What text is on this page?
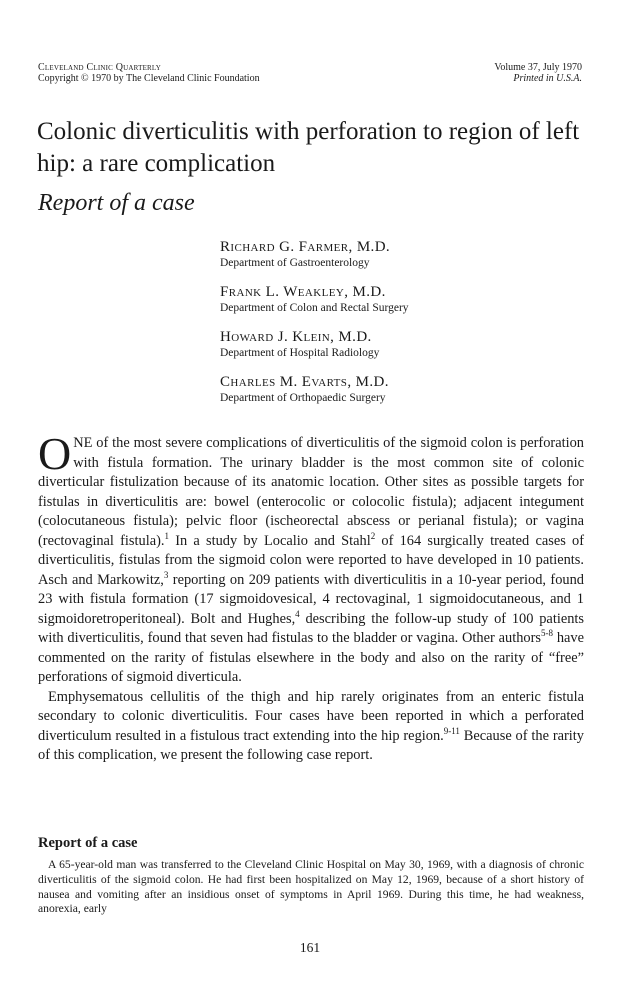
Cleveland Clinic Quarterly
Copyright © 1970 by The Cleveland Clinic Foundation
Volume 37, July 1970
Printed in U.S.A.
Colonic diverticulitis with perforation to region of left hip: a rare complication
Report of a case
Richard G. Farmer, M.D.
Department of Gastroenterology
Frank L. Weakley, M.D.
Department of Colon and Rectal Surgery
Howard J. Klein, M.D.
Department of Hospital Radiology
Charles M. Evarts, M.D.
Department of Orthopaedic Surgery

ONE of the most severe complications of diverticulitis of the sigmoid colon is perforation with fistula formation. The urinary bladder is the most common site of colonic diverticular fistulization because of its anatomic location. Other sites as possible targets for fistulas in diverticulitis are: bowel (enterocolic or colocolic fistula); adjacent integument (colocutaneous fistula); pelvic floor (ischeorectal abscess or perianal fistula); or vagina (rectovaginal fistula).$^1$ In a study by Localio and Stahl$^2$ of 164 surgically treated cases of diverticulitis, fistulas from the sigmoid colon were reported to have developed in 10 patients. Asch and Markowitz,$^3$ reporting on 209 patients with diverticulitis in a 10-year period, found 23 with fistula formation (17 sigmoidovesical, 4 rectovaginal, 1 sigmoidocutaneous, and 1 sigmoidoretroperitoneal). Bolt and Hughes,$^4$ describing the follow-up study of 100 patients with diverticulitis, found that seven had fistulas to the bladder or vagina. Other authors$^{5-8}$ have commented on the rarity of fistulas elsewhere in the body and also on the rarity of “free” perforations of sigmoid diverticula.

Emphysematous cellulitis of the thigh and hip rarely originates from an enteric fistula secondary to colonic diverticulitis. Four cases have been reported in which a perforated diverticulum resulted in a fistulous tract extending into the hip region.$^{9-11}$ Because of the rarity of this complication, we present the following case report.

Report of a case

A 65-year-old man was transferred to the Cleveland Clinic Hospital on May 30, 1969, with a diagnosis of chronic diverticulitis of the sigmoid colon. He had first been hospitalized on May 12, 1969, because of a short history of nausea and vomiting after an insidious onset of symptoms in April 1969. During this time, he had weakness, anorexia, early

161
